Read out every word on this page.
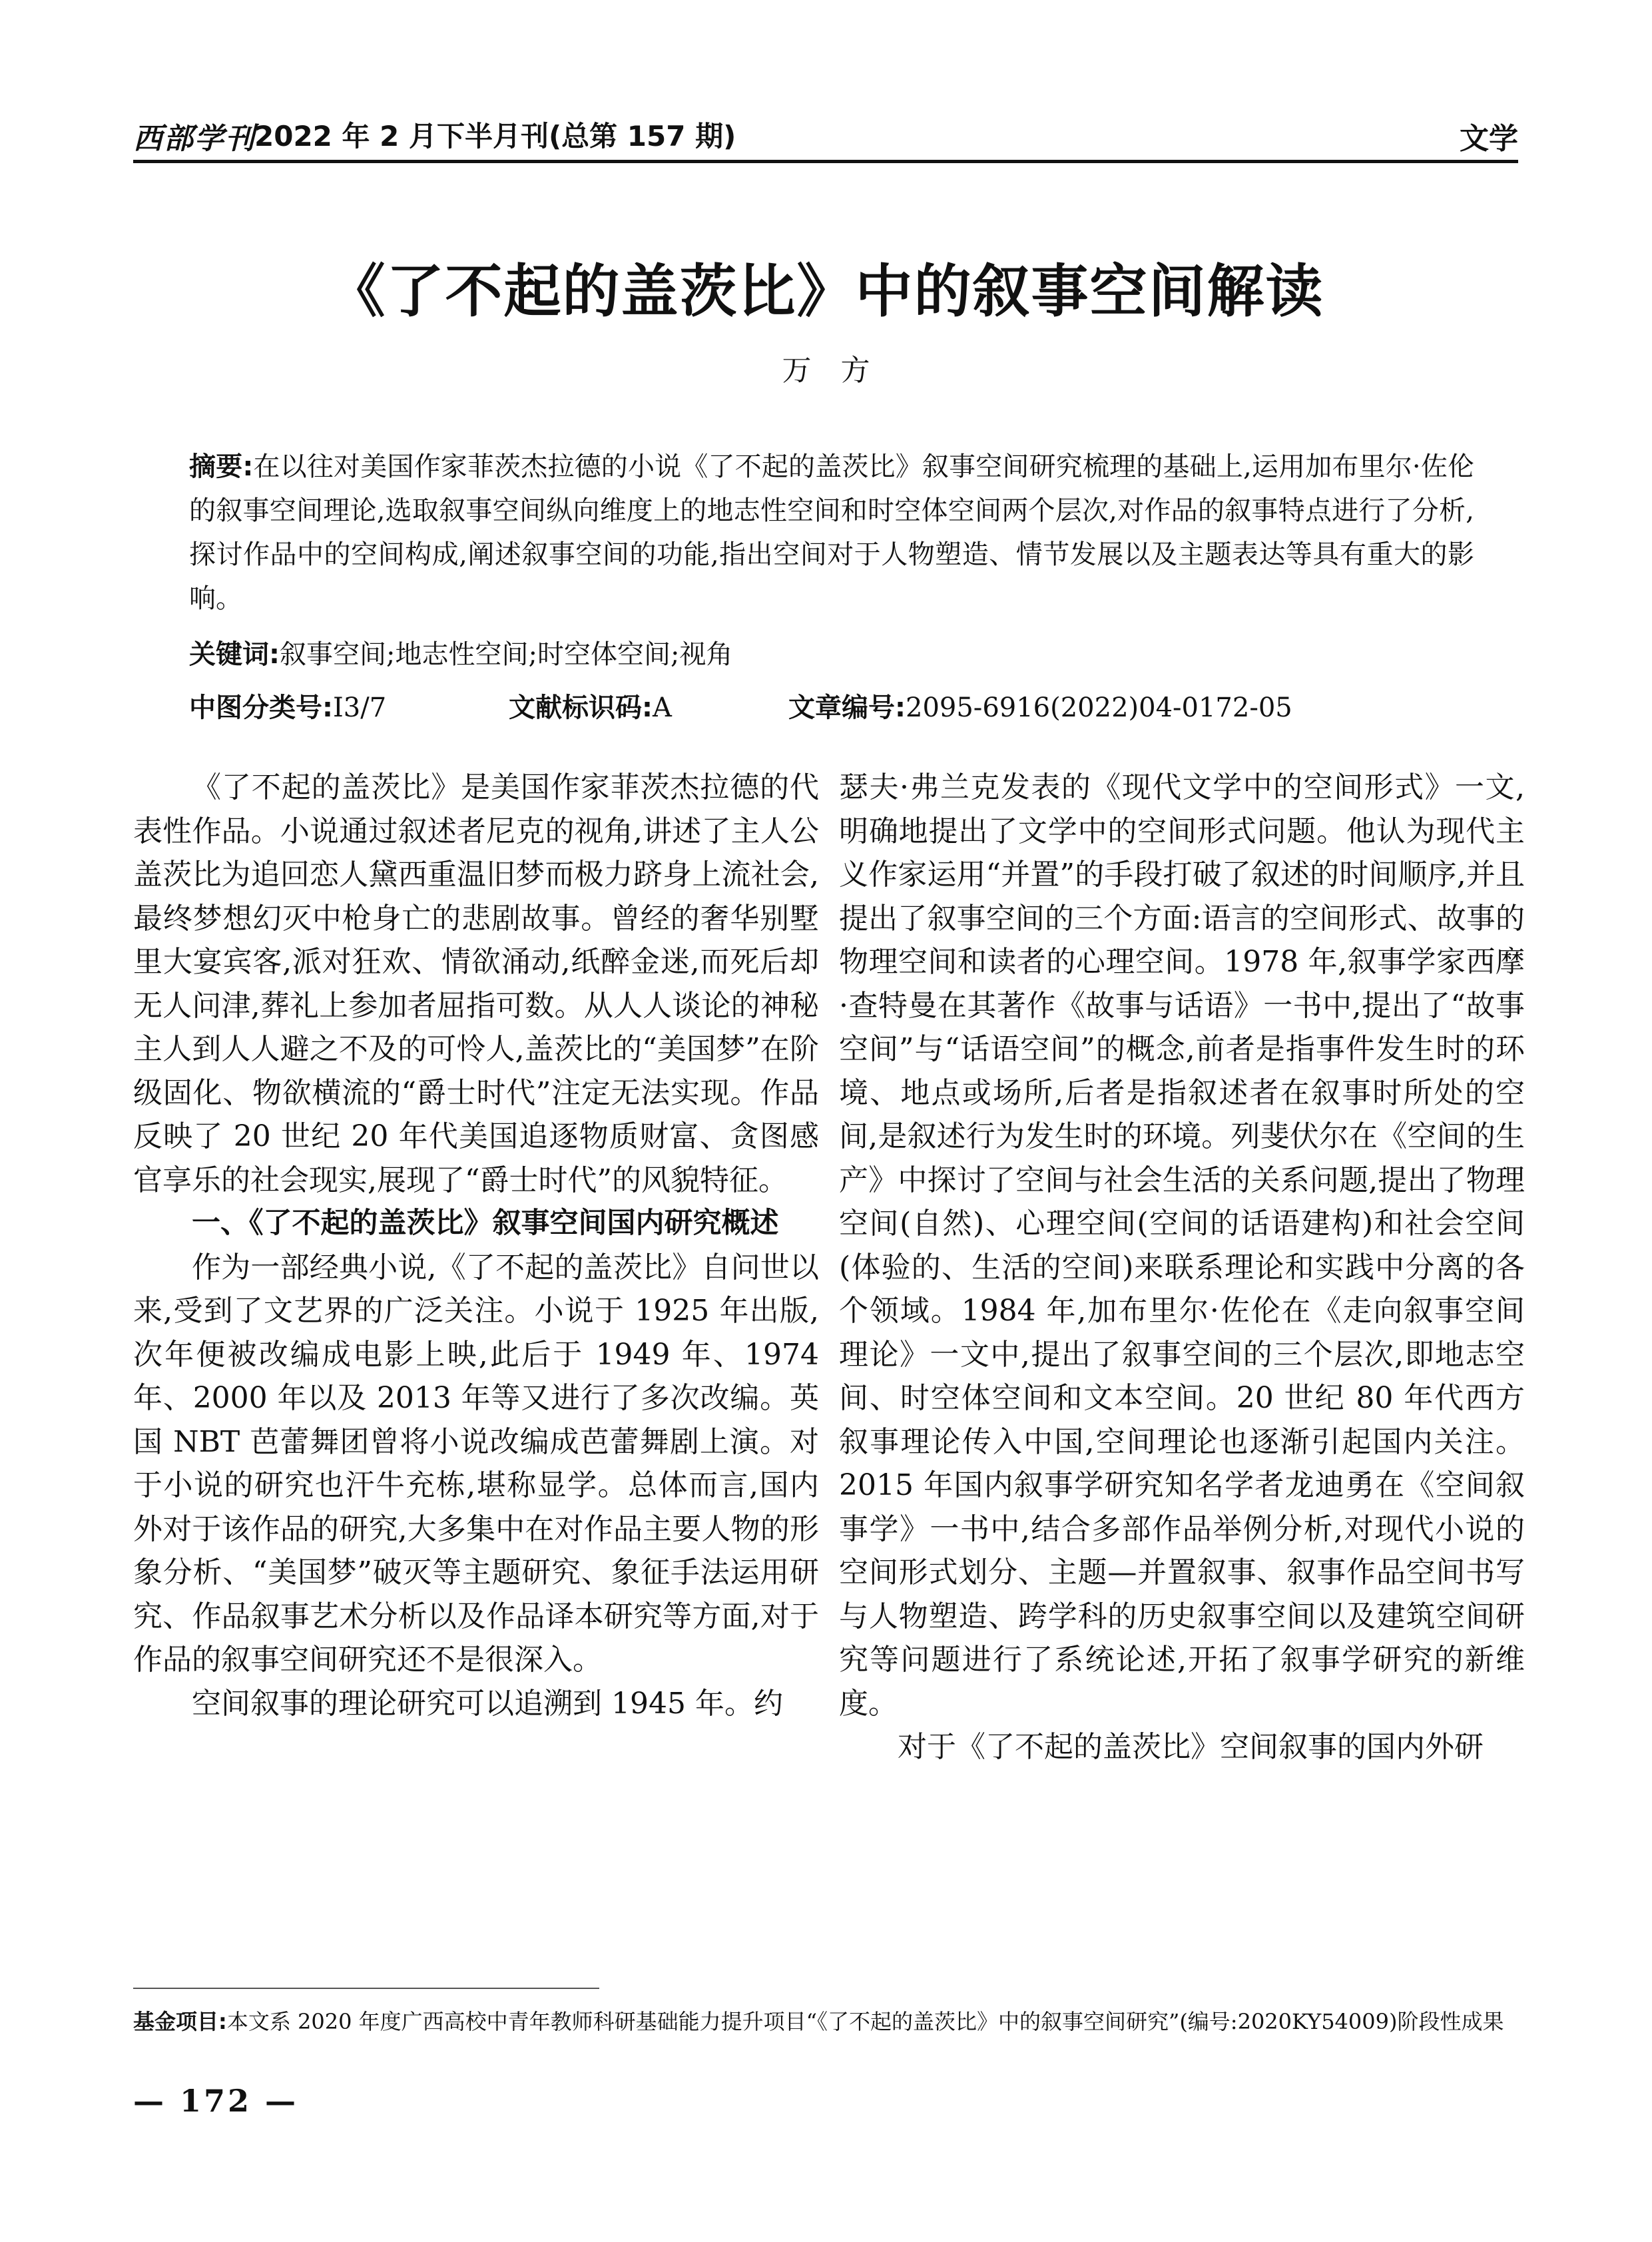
西部学刊
2022 年 2 月下半月刊(总第 157 期)	文学
《了不起的盖茨比》中的叙事空间解读
万方
摘要:在以往对美国作家菲茨杰拉德的小说《了不起的盖茨比》叙事空间研究梳理的基础上,运用加布里尔·佐伦的叙事空间理论,选取叙事空间纵向维度上的地志性空间和时空体空间两个层次,对作品的叙事特点进行了分析,探讨作品中的空间构成,阐述叙事空间的功能,指出空间对于人物塑造、情节发展以及主题表达等具有重大的影响。
关键词:叙事空间;地志性空间;时空体空间;视角
中图分类号:I3/7	文献标识码:A	文章编号:2095-6916(2022)04-0172-05

《了不起的盖茨比》是美国作家菲茨杰拉德的代表性作品。小说通过叙述者尼克的视角,讲述了主人公盖茨比为追回恋人黛西重温旧梦而极力跻身上流社会,最终梦想幻灭中枪身亡的悲剧故事。曾经的奢华别墅里大宴宾客,派对狂欢、情欲涌动,纸醉金迷,而死后却无人问津,葬礼上参加者屈指可数。从人人谈论的神秘主人到人人避之不及的可怜人,盖茨比的“美国梦”在阶级固化、物欲横流的“爵士时代”注定无法实现。作品反映了 20 世纪 20 年代美国追逐物质财富、贪图感官享乐的社会现实,展现了“爵士时代”的风貌特征。

一、《了不起的盖茨比》叙事空间国内研究概述

作为一部经典小说,《了不起的盖茨比》自问世以来,受到了文艺界的广泛关注。小说于 1925 年出版,次年便被改编成电影上映,此后于 1949 年、1974 年、2000 年以及 2013 年等又进行了多次改编。英国 NBT 芭蕾舞团曾将小说改编成芭蕾舞剧上演。对于小说的研究也汗牛充栋,堪称显学。总体而言,国内外对于该作品的研究,大多集中在对作品主要人物的形象分析、“美国梦”破灭等主题研究、象征手法运用研究、作品叙事艺术分析以及作品译本研究等方面,对于作品的叙事空间研究还不是很深入。

空间叙事的理论研究可以追溯到 1945 年。约

瑟夫·弗兰克发表的《现代文学中的空间形式》一文,明确地提出了文学中的空间形式问题。他认为现代主义作家运用“并置”的手段打破了叙述的时间顺序,并且提出了叙事空间的三个方面:语言的空间形式、故事的物理空间和读者的心理空间。1978 年,叙事学家西摩·查特曼在其著作《故事与话语》一书中,提出了“故事空间”与“话语空间”的概念,前者是指事件发生时的环境、地点或场所,后者是指叙述者在叙事时所处的空间,是叙述行为发生时的环境。列斐伏尔在《空间的生产》中探讨了空间与社会生活的关系问题,提出了物理空间(自然)、心理空间(空间的话语建构)和社会空间(体验的、生活的空间)来联系理论和实践中分离的各个领域。1984 年,加布里尔·佐伦在《走向叙事空间理论》一文中,提出了叙事空间的三个层次,即地志空间、时空体空间和文本空间。20 世纪 80 年代西方叙事理论传入中国,空间理论也逐渐引起国内关注。2015 年国内叙事学研究知名学者龙迪勇在《空间叙事学》一书中,结合多部作品举例分析,对现代小说的空间形式划分、主题—并置叙事、叙事作品空间书写与人物塑造、跨学科的历史叙事空间以及建筑空间研究等问题进行了系统论述,开拓了叙事学研究的新维度。

对于《了不起的盖茨比》空间叙事的国内外研

基金项目:本文系 2020 年度广西高校中青年教师科研基础能力提升项目“《了不起的盖茨比》中的叙事空间研究”(编号:2020KY54009)阶段性成果
— 172 —
